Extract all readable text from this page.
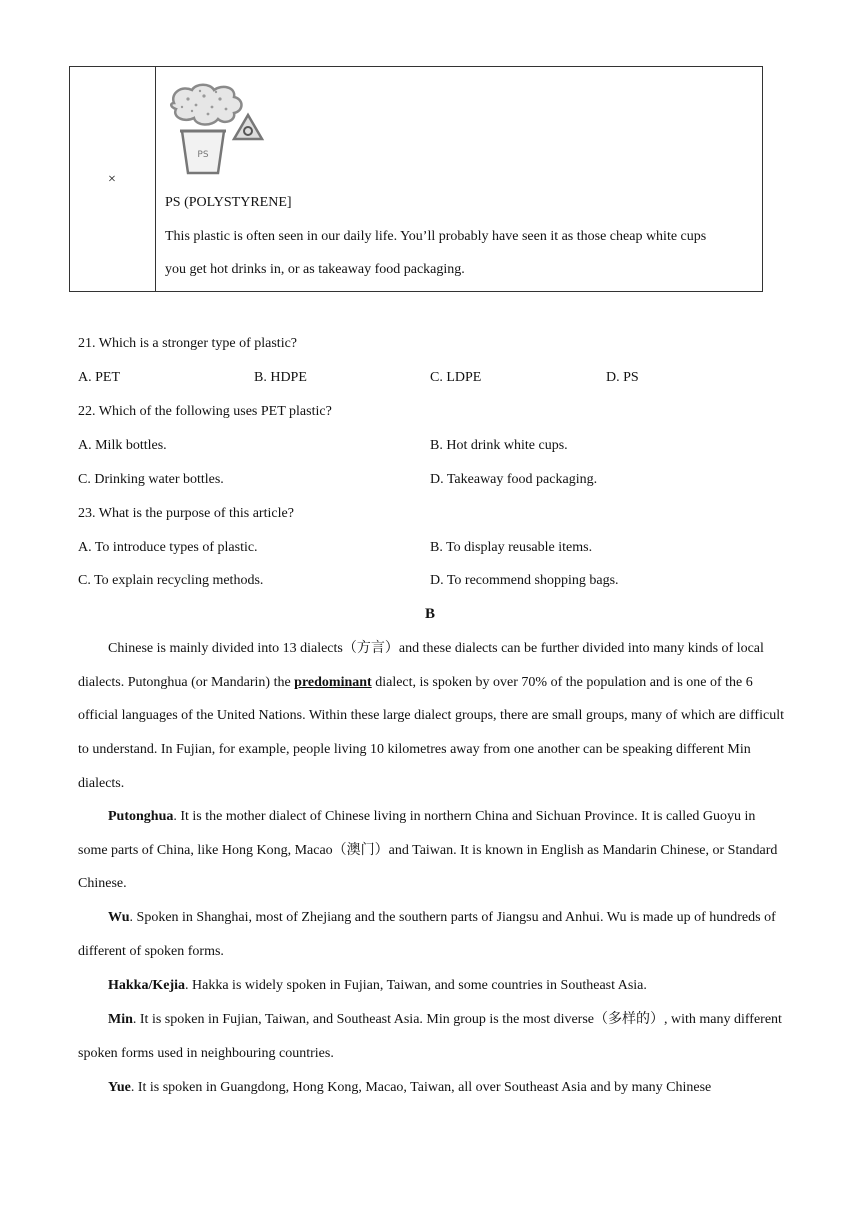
×
PS
PS (POLYSTYRENE]
This plastic is often seen in our daily life. You’ll probably have seen it as those cheap white cups
you get hot drinks in, or as takeaway food packaging.
21. Which is a stronger type of plastic?
A. PET	B. HDPE	C. LDPE	D. PS
22. Which of the following uses PET plastic?
A. Milk bottles.	B. Hot drink white cups.
C. Drinking water bottles.	D. Takeaway food packaging.
23. What is the purpose of this article?
A. To introduce types of plastic.	B. To display reusable items.
C. To explain recycling methods.	D. To recommend shopping bags.
B
Chinese is mainly divided into 13 dialects（方言）and these dialects can be further divided into many kinds of local dialects. Putonghua (or Mandarin) the predominant dialect, is spoken by over 70% of the population and is one of the 6 official languages of the United Nations. Within these large dialect groups, there are small groups, many of which are difficult to understand. In Fujian, for example, people living 10 kilometres away from one another can be speaking different Min dialects.
Putonghua. It is the mother dialect of Chinese living in northern China and Sichuan Province. It is called Guoyu in some parts of China, like Hong Kong, Macao（澳门）and Taiwan. It is known in English as Mandarin Chinese, or Standard Chinese.
Wu. Spoken in Shanghai, most of Zhejiang and the southern parts of Jiangsu and Anhui. Wu is made up of hundreds of different of spoken forms.
Hakka/Kejia. Hakka is widely spoken in Fujian, Taiwan, and some countries in Southeast Asia.
Min. It is spoken in Fujian, Taiwan, and Southeast Asia. Min group is the most diverse（多样的）, with many different spoken forms used in neighbouring countries.
Yue. It is spoken in Guangdong, Hong Kong, Macao, Taiwan, all over Southeast Asia and by many Chinese
